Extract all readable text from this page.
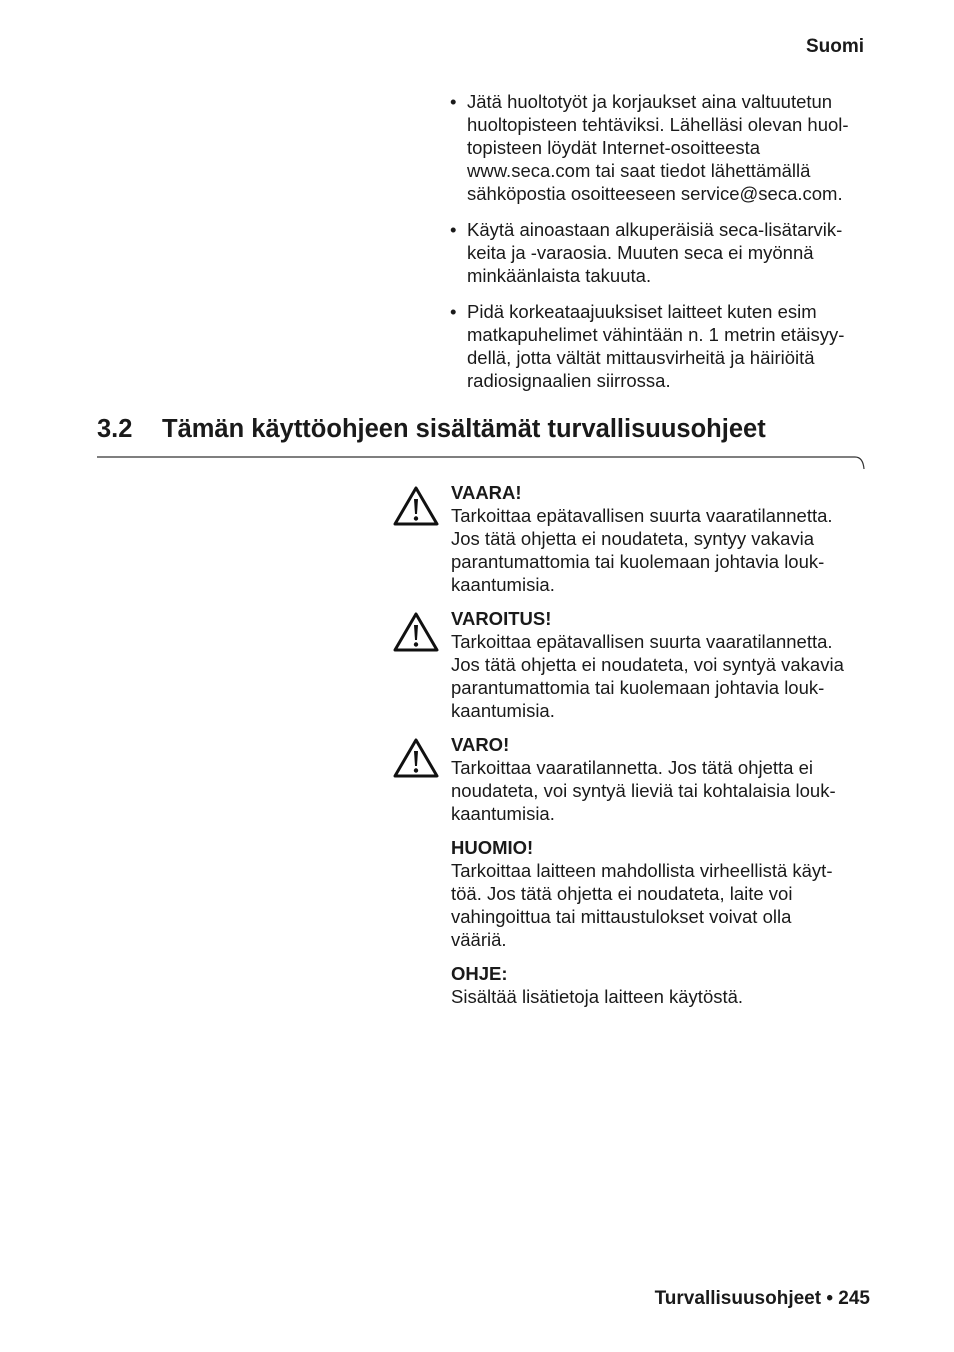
Suomi
• Jätä huoltotyöt ja korjaukset aina valtuutetun
huoltopisteen tehtäviksi. Lähelläsi olevan huol-
topisteen löydät Internet-osoitteesta
www.seca.com tai saat tiedot lähettämällä
sähköpostia osoitteeseen service@seca.com.
• Käytä ainoastaan alkuperäisiä seca-lisätarvik-
keita ja -varaosia. Muuten seca ei myönnä
minkäänlaista takuuta.
• Pidä korkeataajuuksiset laitteet kuten esim
matkapuhelimet vähintään n. 1 metrin etäisyy-
dellä, jotta vältät mittausvirheitä ja häiriöitä
radiosignaalien siirrossa.
3.2 Tämän käyttöohjeen sisältämät turvallisuusohjeet
VAARA!
Tarkoittaa epätavallisen suurta vaaratilannetta.
Jos tätä ohjetta ei noudateta, syntyy vakavia
parantumattomia tai kuolemaan johtavia louk-
kaantumisia.
VAROITUS!
Tarkoittaa epätavallisen suurta vaaratilannetta.
Jos tätä ohjetta ei noudateta, voi syntyä vakavia
parantumattomia tai kuolemaan johtavia louk-
kaantumisia.
VARO!
Tarkoittaa vaaratilannetta. Jos tätä ohjetta ei
noudateta, voi syntyä lieviä tai kohtalaisia louk-
kaantumisia.
HUOMIO!
Tarkoittaa laitteen mahdollista virheellistä käyt-
töä. Jos tätä ohjetta ei noudateta, laite voi
vahingoittua tai mittaustulokset voivat olla
vääriä.
OHJE:
Sisältää lisätietoja laitteen käytöstä.
Turvallisuusohjeet • 245
